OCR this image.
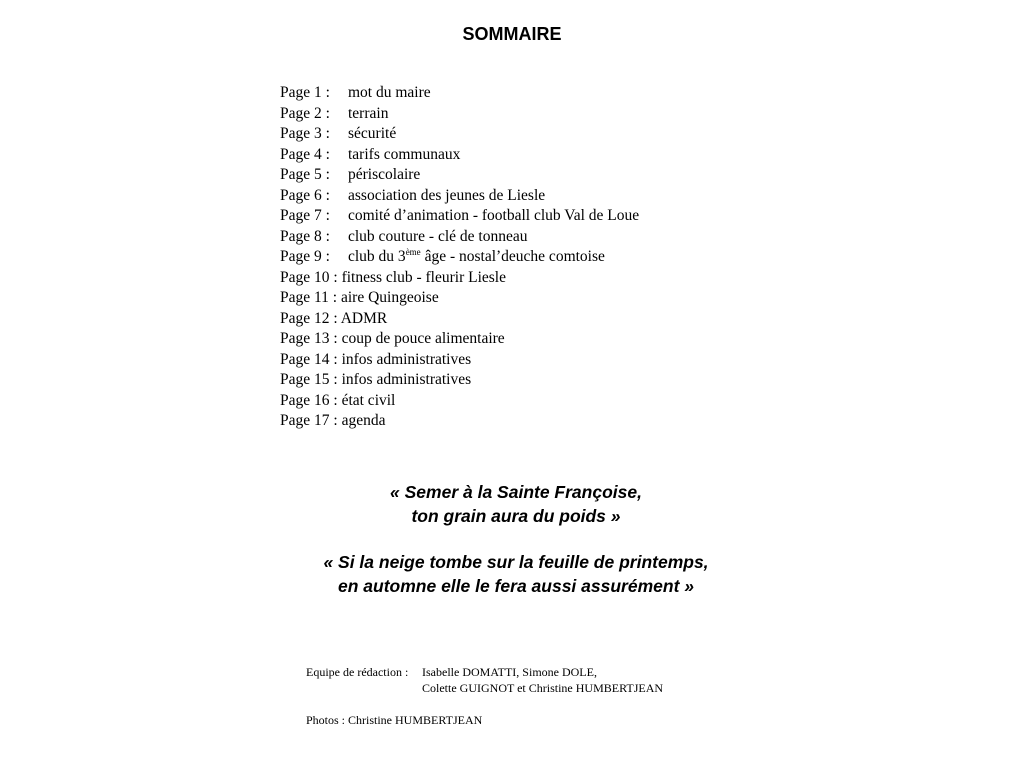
SOMMAIRE
Page 1 : mot du maire
Page 2 : terrain
Page 3 : sécurité
Page 4 : tarifs communaux
Page 5 : périscolaire
Page 6 : association des jeunes de Liesle
Page 7 : comité d’animation - football club Val de Loue
Page 8 : club couture - clé de tonneau
Page 9 : club du 3ème âge - nostal’deuche comtoise
Page 10 : fitness club - fleurir Liesle
Page 11 : aire Quingeoise
Page 12 : ADMR
Page 13 : coup de pouce alimentaire
Page 14 : infos administratives
Page 15 : infos administratives
Page 16 : état civil
Page 17 : agenda
« Semer à la Sainte Françoise,
ton grain aura du poids »
« Si la neige tombe sur la feuille de printemps,
en automne elle le fera aussi assurément »
Equipe de rédaction : Isabelle DOMATTI, Simone DOLE,
Colette GUIGNOT et Christine HUMBERTJEAN
Photos : Christine HUMBERTJEAN
